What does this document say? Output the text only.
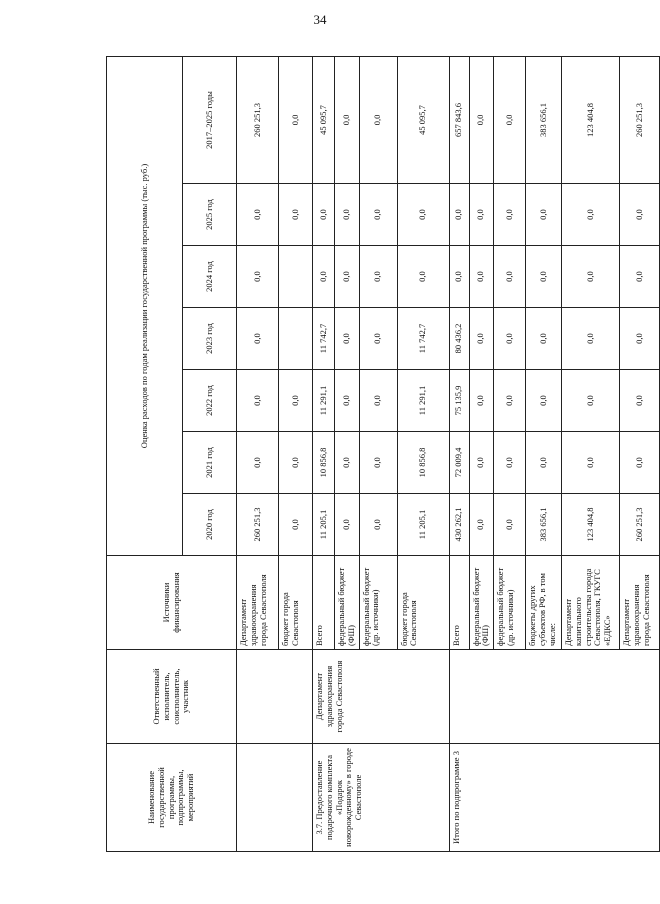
34
Наименование государственной программы, подпрограммы, мероприятий	Ответственный исполнитель, соисполнитель, участник	Источники финансирования	Оценка расходов по годам реализации государственной программы (тыс. руб.)						
			2020 год	2021 год	2022 год	2023 год	2024 год	2025 год	2017–2025 годы
		Департамент здравоохранения города Севастополя	260 251,3	0,0	0,0	0,0	0,0	0,0	260 251,3
		бюджет города Севастополя	0,0	0,0	0,0			0,0	0,0
3.7. Предоставление подарочного комплекта «Подарок новорожденному» в городе Севастополе	Департамент здравоохранения города Севастополя	Всего	11 205,1	10 856,8	11 291,1	11 742,7	0,0	0,0	45 095,7
		федеральный бюджет (ФШ)	0,0	0,0	0,0	0,0	0,0	0,0	0,0
		федеральный бюджет (др. источники)	0,0	0,0	0,0	0,0	0,0	0,0	0,0
		бюджет города Севастополя	11 205,1	10 856,8	11 291,1	11 742,7	0,0	0,0	45 095,7
Итого по подпрограмме 3		Всего	430 262,1	72 009,4	75 135,9	80 436,2	0,0	0,0	657 843,6
		федеральный бюджет (ФШ)	0,0	0,0	0,0	0,0	0,0	0,0	0,0
		федеральный бюджет (др. источники)	0,0	0,0	0,0	0,0	0,0	0,0	0,0
		бюджеты других субъектов РФ, в том числе:	383 656,1	0,0	0,0	0,0	0,0	0,0	383 656,1
		Департамент капитального строительства города Севастополя, ГКУГС «ЕДКС»	123 404,8	0,0	0,0	0,0	0,0	0,0	123 404,8
		Департамент здравоохранения города Севастополя	260 251,3	0,0	0,0	0,0	0,0	0,0	260 251,3
